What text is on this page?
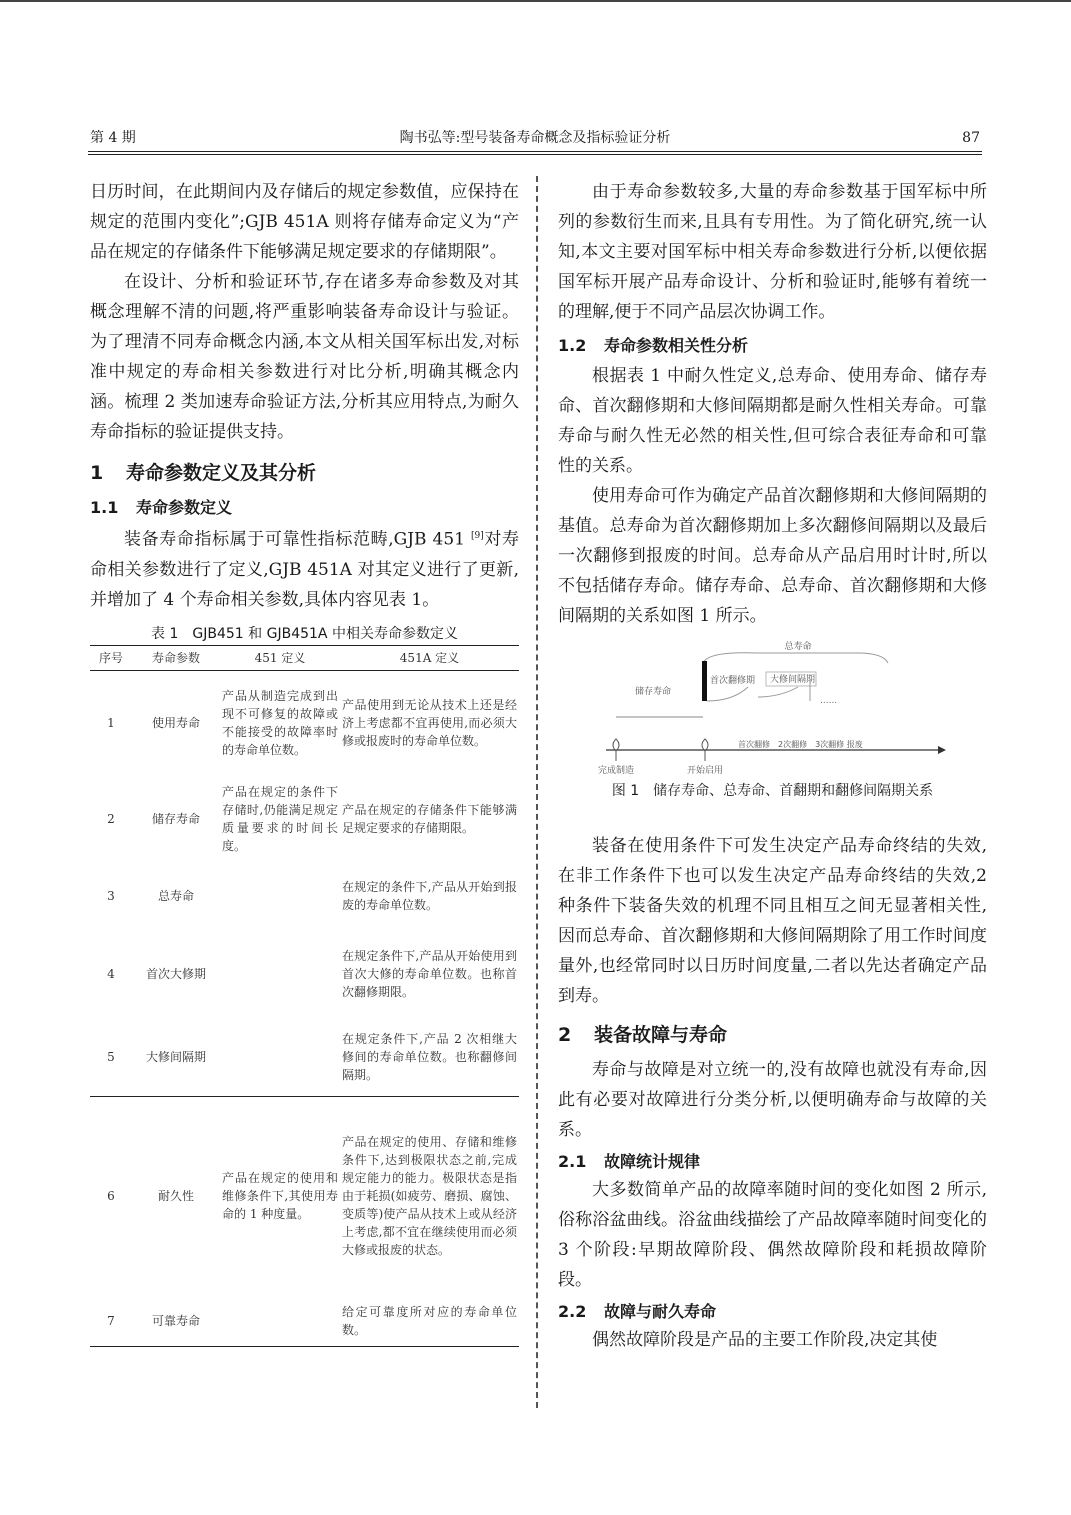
第 4 期	陶书弘等:型号装备寿命概念及指标验证分析	87

日历时间，在此期间内及存储后的规定参数值，应保持在规定的范围内变化”;GJB 451A 则将存储寿命定义为“产品在规定的存储条件下能够满足规定要求的存储期限”。

在设计、分析和验证环节,存在诸多寿命参数及对其概念理解不清的问题,将严重影响装备寿命设计与验证。为了理清不同寿命概念内涵,本文从相关国军标出发,对标准中规定的寿命相关参数进行对比分析,明确其概念内涵。梳理 2 类加速寿命验证方法,分析其应用特点,为耐久寿命指标的验证提供支持。

1 寿命参数定义及其分析
1.1 寿命参数定义

装备寿命指标属于可靠性指标范畴,GJB 451 [9]对寿命相关参数进行了定义,GJB 451A 对其定义进行了更新,并增加了 4 个寿命相关参数,具体内容见表 1。

表 1　GJB451 和 GJB451A 中相关寿命参数定义
序号	寿命参数	451 定义	451A 定义
1	使用寿命	产品从制造完成到出现不可修复的故障或不能接受的故障率时的寿命单位数。	产品使用到无论从技术上还是经济上考虑都不宜再使用,而必须大修或报废时的寿命单位数。
2	储存寿命	产品在规定的条件下存储时,仍能满足规定质量要求的时间长度。	产品在规定的存储条件下能够满足规定要求的存储期限。
3	总寿命		在规定的条件下,产品从开始到报废的寿命单位数。
4	首次大修期		在规定条件下,产品从开始使用到首次大修的寿命单位数。也称首次翻修期限。
5	大修间隔期		在规定条件下,产品 2 次相继大修间的寿命单位数。也称翻修间隔期。
6	耐久性	产品在规定的使用和维修条件下,其使用寿命的 1 种度量。	产品在规定的使用、存储和维修条件下,达到极限状态之前,完成规定能力的能力。极限状态是指由于耗损(如疲劳、磨损、腐蚀、变质等)使产品从技术上或从经济上考虑,都不宜在继续使用而必须大修或报废的状态。
7	可靠寿命		给定可靠度所对应的寿命单位数。

由于寿命参数较多,大量的寿命参数基于国军标中所列的参数衍生而来,且具有专用性。为了简化研究,统一认知,本文主要对国军标中相关寿命参数进行分析,以便依据国军标开展产品寿命设计、分析和验证时,能够有着统一的理解,便于不同产品层次协调工作。

1.2 寿命参数相关性分析

根据表 1 中耐久性定义,总寿命、使用寿命、储存寿命、首次翻修期和大修间隔期都是耐久性相关寿命。可靠寿命与耐久性无必然的相关性,但可综合表征寿命和可靠性的关系。

使用寿命可作为确定产品首次翻修期和大修间隔期的基值。总寿命为首次翻修期加上多次翻修间隔期以及最后一次翻修到报废的时间。总寿命从产品启用时计时,所以不包括储存寿命。储存寿命、总寿命、首次翻修期和大修间隔期的关系如图 1 所示。

总寿命
储存寿命
首次翻修期 大修间隔期
......
完成制造	开始启用
首次翻修　2次翻修　3次翻修 报废
图 1　储存寿命、总寿命、首翻期和翻修间隔期关系

装备在使用条件下可发生决定产品寿命终结的失效,在非工作条件下也可以发生决定产品寿命终结的失效,2 种条件下装备失效的机理不同且相互之间无显著相关性,因而总寿命、首次翻修期和大修间隔期除了用工作时间度量外,也经常同时以日历时间度量,二者以先达者确定产品到寿。

2 装备故障与寿命

寿命与故障是对立统一的,没有故障也就没有寿命,因此有必要对故障进行分类分析,以便明确寿命与故障的关系。

2.1 故障统计规律

大多数简单产品的故障率随时间的变化如图 2 所示,俗称浴盆曲线。浴盆曲线描绘了产品故障率随时间变化的 3 个阶段:早期故障阶段、偶然故障阶段和耗损故障阶段。

2.2 故障与耐久寿命

偶然故障阶段是产品的主要工作阶段,决定其使
